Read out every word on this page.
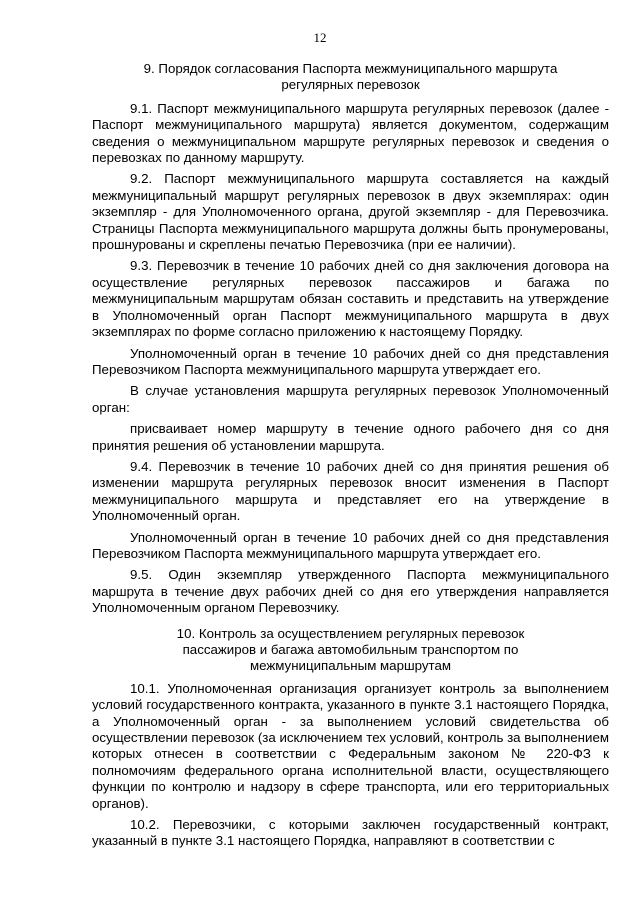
12
9. Порядок согласования Паспорта межмуниципального маршрута
регулярных перевозок

9.1. Паспорт межмуниципального маршрута регулярных перевозок (далее - Паспорт межмуниципального маршрута) является документом, содержащим сведения о межмуниципальном маршруте регулярных перевозок и сведения о перевозках по данному маршруту.

9.2. Паспорт межмуниципального маршрута составляется на каждый межмуниципальный маршрут регулярных перевозок в двух экземплярах: один экземпляр - для Уполномоченного органа, другой экземпляр - для Перевозчика. Страницы Паспорта межмуниципального маршрута должны быть пронумерованы, прошнурованы и скреплены печатью Перевозчика (при ее наличии).

9.3. Перевозчик в течение 10 рабочих дней со дня заключения договора на осуществление регулярных перевозок пассажиров и багажа по межмуниципальным маршрутам обязан составить и представить на утверждение в Уполномоченный орган Паспорт межмуниципального маршрута в двух экземплярах по форме согласно приложению к настоящему Порядку.

Уполномоченный орган в течение 10 рабочих дней со дня представления Перевозчиком Паспорта межмуниципального маршрута утверждает его.

В случае установления маршрута регулярных перевозок Уполномоченный орган:

присваивает номер маршруту в течение одного рабочего дня со дня принятия решения об установлении маршрута.

9.4. Перевозчик в течение 10 рабочих дней со дня принятия решения об изменении маршрута регулярных перевозок вносит изменения в Паспорт межмуниципального маршрута и представляет его на утверждение в Уполномоченный орган.

Уполномоченный орган в течение 10 рабочих дней со дня представления Перевозчиком Паспорта межмуниципального маршрута утверждает его.

9.5. Один экземпляр утвержденного Паспорта межмуниципального маршрута в течение двух рабочих дней со дня его утверждения направляется Уполномоченным органом Перевозчику.

10. Контроль за осуществлением регулярных перевозок
пассажиров и багажа автомобильным транспортом по
межмуниципальным маршрутам

10.1. Уполномоченная организация организует контроль за выполнением условий государственного контракта, указанного в пункте 3.1 настоящего Порядка, а Уполномоченный орган - за выполнением условий свидетельства об осуществлении перевозок (за исключением тех условий, контроль за выполнением которых отнесен в соответствии с Федеральным законом № 220-ФЗ к полномочиям федерального органа исполнительной власти, осуществляющего функции по контролю и надзору в сфере транспорта, или его территориальных органов).

10.2. Перевозчики, с которыми заключен государственный контракт, указанный в пункте 3.1 настоящего Порядка, направляют в соответствии с
